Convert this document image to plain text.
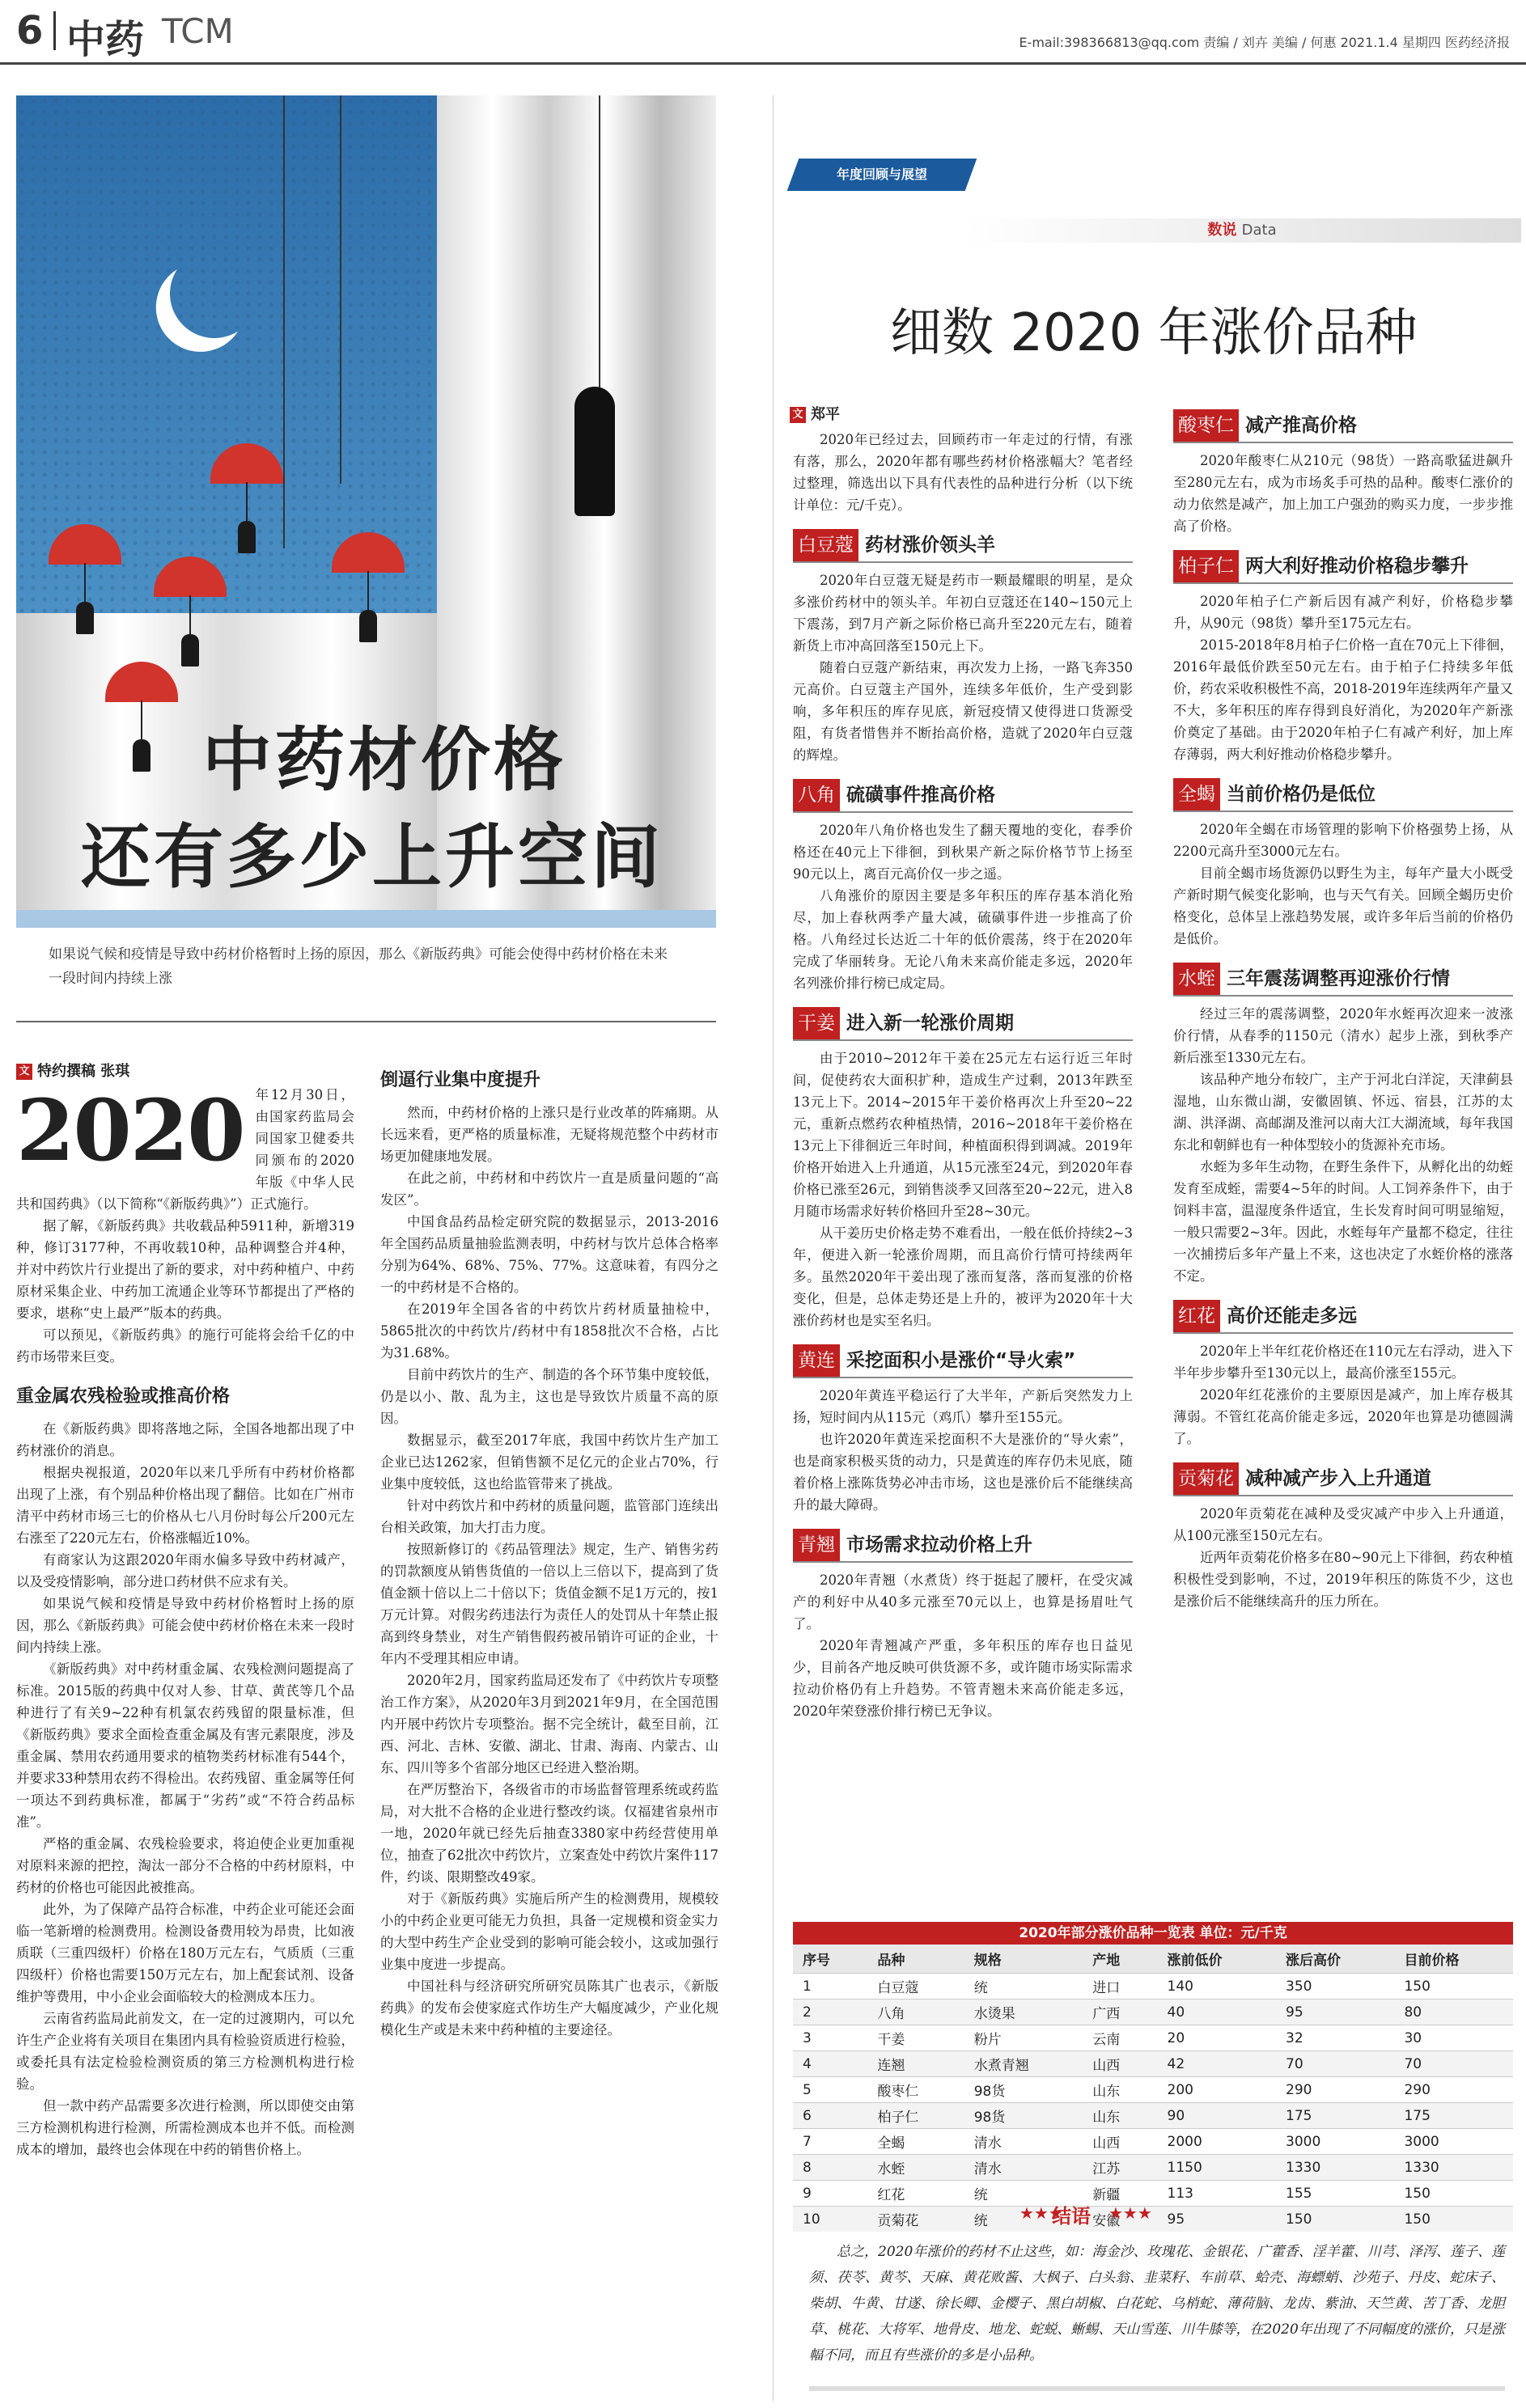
6 中药 TCM	E-mail:398366813@qq.com 责编 / 刘卉 美编 / 何惠 2021.1.4 星期四 医药经济报
中药材价格
还有多少上升空间
如果说气候和疫情是导致中药材价格暂时上扬的原因，那么《新版药典》可能会使得中药材价格在未来一段时间内持续上涨
文 特约撰稿 张琪

2020 年12月30日，由国家药监局会同国家卫健委共同颁布的2020年版《中华人民共和国药典》（以下简称“《新版药典》”）正式施行。

据了解，《新版药典》共收载品种5911种，新增319种，修订3177种，不再收载10种，品种调整合并4种，并对中药饮片行业提出了新的要求，对中药种植户、中药原材采集企业、中药加工流通企业等环节都提出了严格的要求，堪称“史上最严”版本的药典。

可以预见，《新版药典》的施行可能将会给千亿的中药市场带来巨变。

重金属农残检验或推高价格

在《新版药典》即将落地之际，全国各地都出现了中药材涨价的消息。

根据央视报道，2020年以来几乎所有中药材价格都出现了上涨，有个别品种价格出现了翻倍。比如在广州市清平中药材市场三七的价格从七八月份时每公斤200元左右涨至了220元左右，价格涨幅近10%。

有商家认为这跟2020年雨水偏多导致中药材减产，以及受疫情影响，部分进口药材供不应求有关。

如果说气候和疫情是导致中药材价格暂时上扬的原因，那么《新版药典》可能会使中药材价格在未来一段时间内持续上涨。

《新版药典》对中药材重金属、农残检测问题提高了标准。2015版的药典中仅对人参、甘草、黄芪等几个品种进行了有关9~22种有机氯农药残留的限量标准，但《新版药典》要求全面检查重金属及有害元素限度，涉及重金属、禁用农药通用要求的植物类药材标准有544个，并要求33种禁用农药不得检出。农药残留、重金属等任何一项达不到药典标准，都属于“劣药”或“不符合药品标准”。

严格的重金属、农残检验要求，将迫使企业更加重视对原料来源的把控，淘汰一部分不合格的中药材原料，中药材的价格也可能因此被推高。

此外，为了保障产品符合标准，中药企业可能还会面临一笔新增的检测费用。检测设备费用较为昂贵，比如液质联（三重四级杆）价格在180万元左右，气质质（三重四级杆）价格也需要150万元左右，加上配套试剂、设备维护等费用，中小企业会面临较大的检测成本压力。

云南省药监局此前发文，在一定的过渡期内，可以允许生产企业将有关项目在集团内具有检验资质进行检验，或委托具有法定检验检测资质的第三方检测机构进行检验。

但一款中药产品需要多次进行检测，所以即使交由第三方检测机构进行检测，所需检测成本也并不低。而检测成本的增加，最终也会体现在中药的销售价格上。

倒逼行业集中度提升

然而，中药材价格的上涨只是行业改革的阵痛期。从长远来看，更严格的质量标准，无疑将规范整个中药材市场更加健康地发展。

在此之前，中药材和中药饮片一直是质量问题的“高发区”。

中国食品药品检定研究院的数据显示，2013-2016年全国药品质量抽验监测表明，中药材与饮片总体合格率分别为64%、68%、75%、77%。这意味着，有四分之一的中药材是不合格的。

在2019年全国各省的中药饮片药材质量抽检中，5865批次的中药饮片/药材中有1858批次不合格，占比为31.68%。

目前中药饮片的生产、制造的各个环节集中度较低，仍是以小、散、乱为主，这也是导致饮片质量不高的原因。

数据显示，截至2017年底，我国中药饮片生产加工企业已达1262家，但销售额不足亿元的企业占70%，行业集中度较低，这也给监管带来了挑战。

针对中药饮片和中药材的质量问题，监管部门连续出台相关政策，加大打击力度。

按照新修订的《药品管理法》规定，生产、销售劣药的罚款额度从销售货值的一倍以上三倍以下，提高到了货值金额十倍以上二十倍以下；货值金额不足1万元的，按1万元计算。对假劣药违法行为责任人的处罚从十年禁止报高到终身禁业，对生产销售假药被吊销许可证的企业，十年内不受理其相应申请。

2020年2月，国家药监局还发布了《中药饮片专项整治工作方案》，从2020年3月到2021年9月，在全国范围内开展中药饮片专项整治。据不完全统计，截至目前，江西、河北、吉林、安徽、湖北、甘肃、海南、内蒙古、山东、四川等多个省部分地区已经进入整治期。

在严厉整治下，各级省市的市场监督管理系统或药监局，对大批不合格的企业进行整改约谈。仅福建省泉州市一地，2020年就已经先后抽查3380家中药经营使用单位，抽查了62批次中药饮片，立案查处中药饮片案件117件，约谈、限期整改49家。

对于《新版药典》实施后所产生的检测费用，规模较小的中药企业更可能无力负担，具备一定规模和资金实力的大型中药生产企业受到的影响可能会较小，这或加强行业集中度进一步提高。

中国社科与经济研究所研究员陈其广也表示，《新版药典》的发布会使家庭式作坊生产大幅度减少，产业化规模化生产或是未来中药种植的主要途径。

年度回顾与展望
数说 Data
细数 2020 年涨价品种
文 郑平

2020年已经过去，回顾药市一年走过的行情，有涨有落，那么，2020年都有哪些药材价格涨幅大？笔者经过整理，筛选出以下具有代表性的品种进行分析（以下统计单位：元/千克）。

白豆蔻 药材涨价领头羊

2020年白豆蔻无疑是药市一颗最耀眼的明星，是众多涨价药材中的领头羊。年初白豆蔻还在140~150元上下震荡，到7月产新之际价格已高升至220元左右，随着新货上市冲高回落至150元上下。

随着白豆蔻产新结束，再次发力上扬，一路飞奔350元高价。白豆蔻主产国外，连续多年低价，生产受到影响，多年积压的库存见底，新冠疫情又使得进口货源受阻，有货者惜售并不断抬高价格，造就了2020年白豆蔻的辉煌。

八角 硫磺事件推高价格

2020年八角价格也发生了翻天覆地的变化，春季价格还在40元上下徘徊，到秋果产新之际价格节节上扬至90元以上，离百元高价仅一步之遥。

八角涨价的原因主要是多年积压的库存基本消化殆尽，加上春秋两季产量大减，硫磺事件进一步推高了价格。八角经过长达近二十年的低价震荡，终于在2020年完成了华丽转身。无论八角未来高价能走多远，2020年名列涨价排行榜已成定局。

干姜 进入新一轮涨价周期

由于2010~2012年干姜在25元左右运行近三年时间，促使药农大面积扩种，造成生产过剩，2013年跌至13元上下。2014~2015年干姜价格再次上升至20~22元，重新点燃药农种植热情，2016~2018年干姜价格在13元上下徘徊近三年时间，种植面积得到调减。2019年价格开始进入上升通道，从15元涨至24元，到2020年春价格已涨至26元，到销售淡季又回落至20~22元，进入8月随市场需求好转价格回升至28~30元。

从干姜历史价格走势不难看出，一般在低价持续2~3年，便进入新一轮涨价周期，而且高价行情可持续两年多。虽然2020年干姜出现了涨而复落，落而复涨的价格变化，但是，总体走势还是上升的，被评为2020年十大涨价药材也是实至名归。

黄连 采挖面积小是涨价“导火索”

2020年黄连平稳运行了大半年，产新后突然发力上扬，短时间内从115元（鸡爪）攀升至155元。

也许2020年黄连采挖面积不大是涨价的“导火索”，也是商家积极买货的动力，只是黄连的库存仍未见底，随着价格上涨陈货势必冲击市场，这也是涨价后不能继续高升的最大障碍。

青翘 市场需求拉动价格上升

2020年青翘（水煮货）终于挺起了腰杆，在受灾减产的利好中从40多元涨至70元以上，也算是扬眉吐气了。

2020年青翘减产严重，多年积压的库存也日益见少，目前各产地反映可供货源不多，或许随市场实际需求拉动价格仍有上升趋势。不管青翘未来高价能走多远，2020年荣登涨价排行榜已无争议。

酸枣仁 减产推高价格

2020年酸枣仁从210元（98货）一路高歌猛进飙升至280元左右，成为市场炙手可热的品种。酸枣仁涨价的动力依然是减产，加上加工户强劲的购买力度，一步步推高了价格。

柏子仁 两大利好推动价格稳步攀升

2020年柏子仁产新后因有减产利好，价格稳步攀升，从90元（98货）攀升至175元左右。

2015-2018年8月柏子仁价格一直在70元上下徘徊，2016年最低价跌至50元左右。由于柏子仁持续多年低价，药农采收积极性不高，2018-2019年连续两年产量又不大，多年积压的库存得到良好消化，为2020年产新涨价奠定了基础。由于2020年柏子仁有减产利好，加上库存薄弱，两大利好推动价格稳步攀升。

全蝎 当前价格仍是低位

2020年全蝎在市场管理的影响下价格强势上扬，从2200元高升至3000元左右。

目前全蝎市场货源仍以野生为主，每年产量大小既受产新时期气候变化影响，也与天气有关。回顾全蝎历史价格变化，总体呈上涨趋势发展，或许多年后当前的价格仍是低价。

水蛭 三年震荡调整再迎涨价行情

经过三年的震荡调整，2020年水蛭再次迎来一波涨价行情，从春季的1150元（清水）起步上涨，到秋季产新后涨至1330元左右。

该品种产地分布较广，主产于河北白洋淀，天津蓟县湿地，山东微山湖，安徽固镇、怀远、宿县，江苏的太湖、洪泽湖、高邮湖及淮河以南大江大湖流域，每年我国东北和朝鲜也有一种体型较小的货源补充市场。

水蛭为多年生动物，在野生条件下，从孵化出的幼蛭发育至成蛭，需要4~5年的时间。人工饲养条件下，由于饲料丰富，温湿度条件适宜，生长发育时间可明显缩短，一般只需要2~3年。因此，水蛭每年产量都不稳定，往往一次捕捞后多年产量上不来，这也决定了水蛭价格的涨落不定。

红花 高价还能走多远

2020年上半年红花价格还在110元左右浮动，进入下半年步步攀升至130元以上，最高价涨至155元。

2020年红花涨价的主要原因是减产，加上库存极其薄弱。不管红花高价能走多远，2020年也算是功德圆满了。

贡菊花 减种减产步入上升通道

2020年贡菊花在减种及受灾减产中步入上升通道，从100元涨至150元左右。

近两年贡菊花价格多在80~90元上下徘徊，药农种植积极性受到影响，不过，2019年积压的陈货不少，这也是涨价后不能继续高升的压力所在。

2020年部分涨价品种一览表 单位：元/千克
序号	品种	规格	产地	涨前低价	涨后高价	目前价格
1	白豆蔻	统	进口	140	350	150
2	八角	水烫果	广西	40	95	80
3	干姜	粉片	云南	20	32	30
4	连翘	水煮青翘	山西	42	70	70
5	酸枣仁	98货	山东	200	290	290
6	柏子仁	98货	山东	90	175	175
7	全蝎	清水	山西	2000	3000	3000
8	水蛭	清水	江苏	1150	1330	1330
9	红花	统	新疆	113	155	150
10	贡菊花	统	安徽	95	150	150
★★★
结语 ★★★
总之，2020年涨价的药材不止这些，如：海金沙、玫瑰花、金银花、广藿香、淫羊藿、川芎、泽泻、莲子、莲须、茯苓、黄芩、天麻、黄花败酱、大枫子、白头翁、韭菜籽、车前草、蛤壳、海螵蛸、沙苑子、丹皮、蛇床子、柴胡、牛黄、甘遂、徐长卿、金樱子、黑白胡椒、白花蛇、乌梢蛇、薄荷脑、龙齿、紫油、天竺黄、苦丁香、龙胆草、桃花、大将军、地骨皮、地龙、蛇蜕、蜥蜴、天山雪莲、川牛膝等，在2020年出现了不同幅度的涨价，只是涨幅不同，而且有些涨价的多是小品种。
